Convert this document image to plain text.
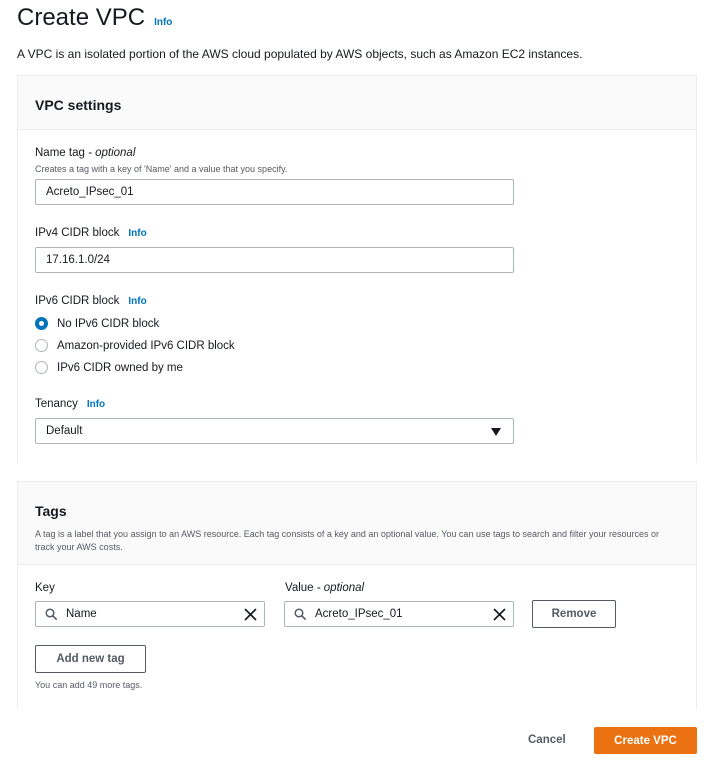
Create VPC Info

A VPC is an isolated portion of the AWS cloud populated by AWS objects, such as Amazon EC2 instances.

VPC settings
Name tag
- optional
Creates a tag with a key of 'Name' and a value that you specify.
Acreto_IPsec_01
IPv4 CIDR block Info
17.16.1.0/24
IPv6 CIDR block Info
No IPv6 CIDR block
Amazon-provided IPv6 CIDR block
IPv6 CIDR owned by me
Tenancy Info
Default
Tags

A tag is a label that you assign to an AWS resource. Each tag consists of a key and an optional value. You can use tags to search and filter your resources or track your AWS costs.

Key	Value
- optional
Name	Acreto_IPsec_01	Remove
Add new tag
You can add 49 more tags.
Cancel	Create VPC
